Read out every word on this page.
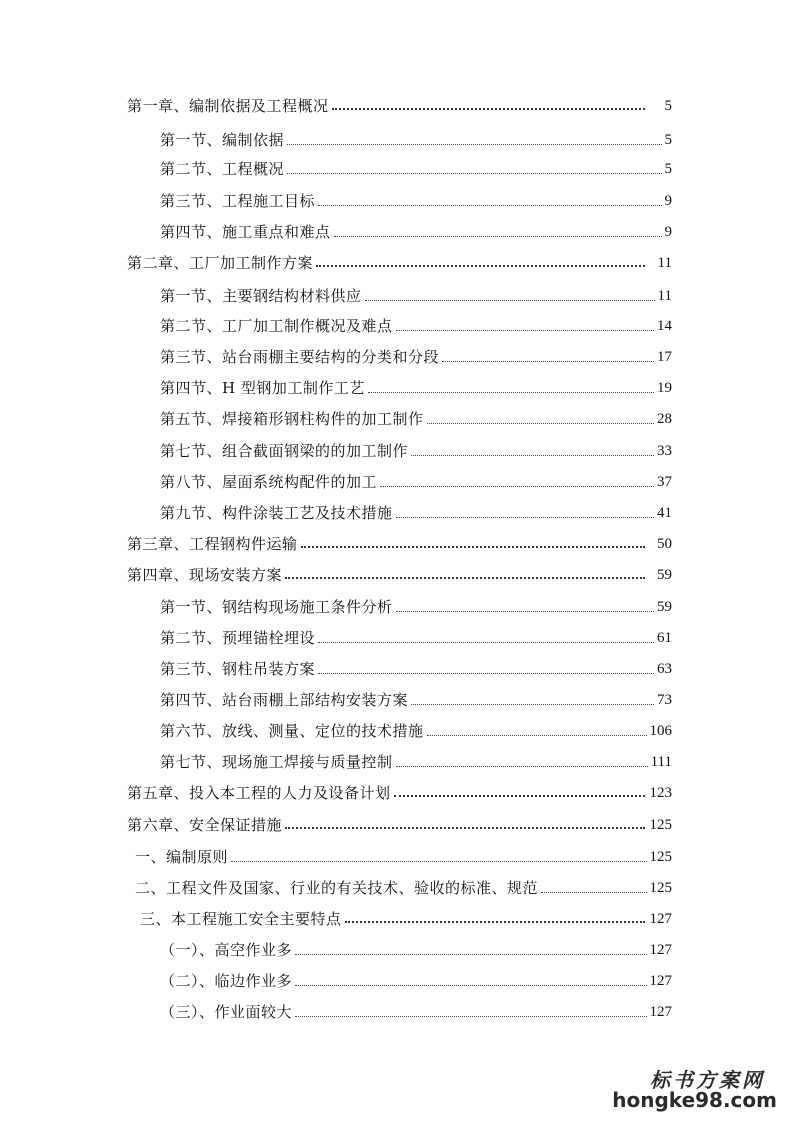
第一章、编制依据及工程概况	5
第一节、编制依据	5
第二节、工程概况	5
第三节、工程施工目标	9
第四节、施工重点和难点	9
第二章、工厂加工制作方案	11
第一节、主要钢结构材料供应	11
第二节、工厂加工制作概况及难点	14
第三节、站台雨棚主要结构的分类和分段	17
第四节、H 型钢加工制作工艺	19
第五节、焊接箱形钢柱构件的加工制作	28
第七节、组合截面钢梁的的加工制作	33
第八节、屋面系统构配件的加工	37
第九节、构件涂装工艺及技术措施	41
第三章、工程钢构件运输	50
第四章、现场安装方案	59
第一节、钢结构现场施工条件分析	59
第二节、预埋锚栓埋设	61
第三节、钢柱吊装方案	63
第四节、站台雨棚上部结构安装方案	73
第六节、放线、测量、定位的技术措施	106
第七节、现场施工焊接与质量控制	111
第五章、投入本工程的人力及设备计划	123
第六章、安全保证措施	125
一、编制原则	125
二、工程文件及国家、行业的有关技术、验收的标准、规范	125
三、本工程施工安全主要特点	127
（一）、高空作业多	127
（二）、临边作业多	127
（三）、作业面较大	127
标书方案网
hongke98.com
